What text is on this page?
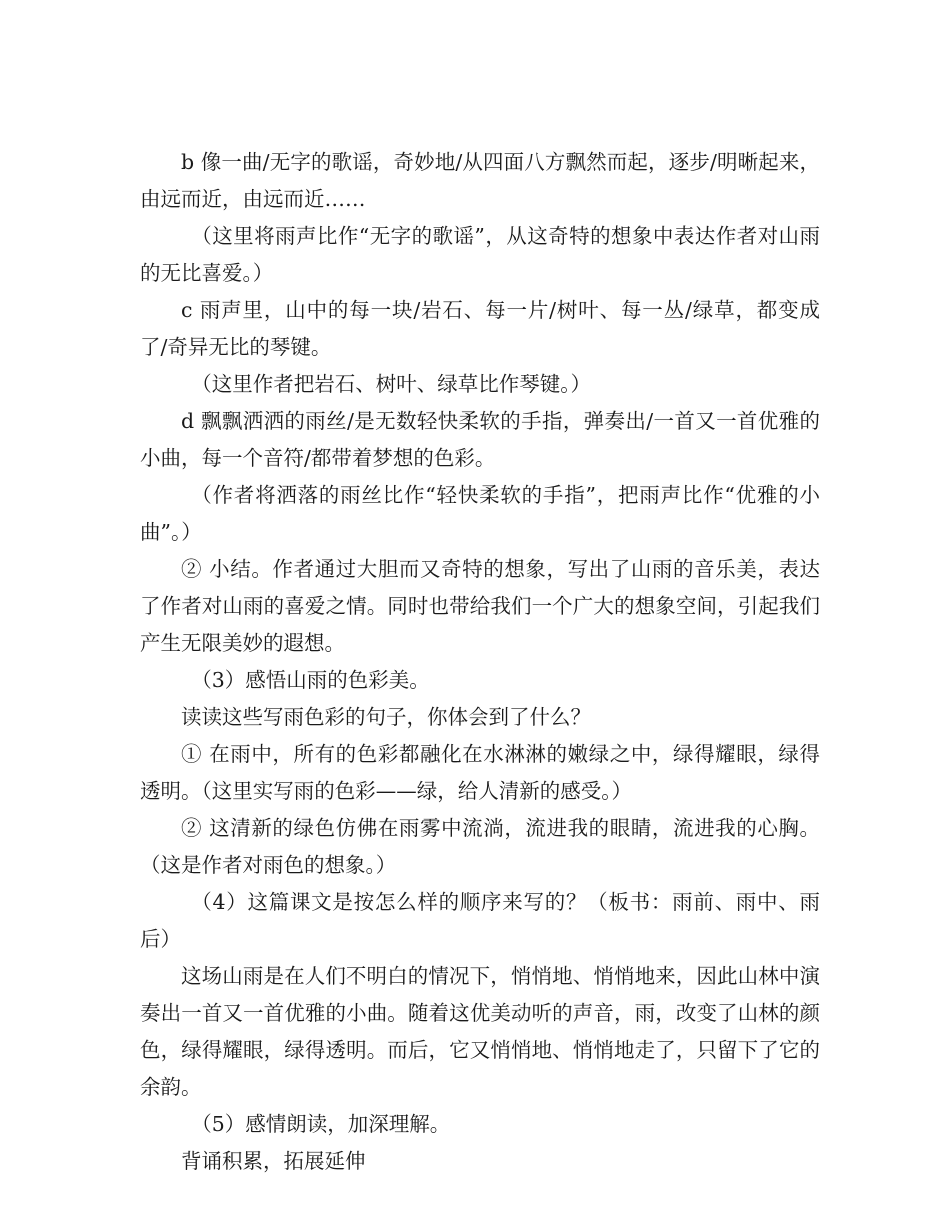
b 像一曲/无字的歌谣，奇妙地/从四面八方飘然而起，逐步/明晰起来，由远而近，由远而近……

（这里将雨声比作“无字的歌谣”，从这奇特的想象中表达作者对山雨的无比喜爱。）

c 雨声里，山中的每一块/岩石、每一片/树叶、每一丛/绿草，都变成了/奇异无比的琴键。

（这里作者把岩石、树叶、绿草比作琴键。）

d 飘飘洒洒的雨丝/是无数轻快柔软的手指，弹奏出/一首又一首优雅的小曲，每一个音符/都带着梦想的色彩。

（作者将洒落的雨丝比作“轻快柔软的手指”，把雨声比作“优雅的小曲”。）

② 小结。作者通过大胆而又奇特的想象，写出了山雨的音乐美，表达了作者对山雨的喜爱之情。同时也带给我们一个广大的想象空间，引起我们产生无限美妙的遐想。

（3）感悟山雨的色彩美。

读读这些写雨色彩的句子，你体会到了什么？

① 在雨中，所有的色彩都融化在水淋淋的嫩绿之中，绿得耀眼，绿得透明。（这里实写雨的色彩——绿，给人清新的感受。）

② 这清新的绿色仿佛在雨雾中流淌，流进我的眼睛，流进我的心胸。（这是作者对雨色的想象。）

（4）这篇课文是按怎么样的顺序来写的？（板书：雨前、雨中、雨后）

这场山雨是在人们不明白的情况下，悄悄地、悄悄地来，因此山林中演奏出一首又一首优雅的小曲。随着这优美动听的声音，雨，改变了山林的颜色，绿得耀眼，绿得透明。而后，它又悄悄地、悄悄地走了，只留下了它的余韵。

（5）感情朗读，加深理解。

背诵积累，拓展延伸
